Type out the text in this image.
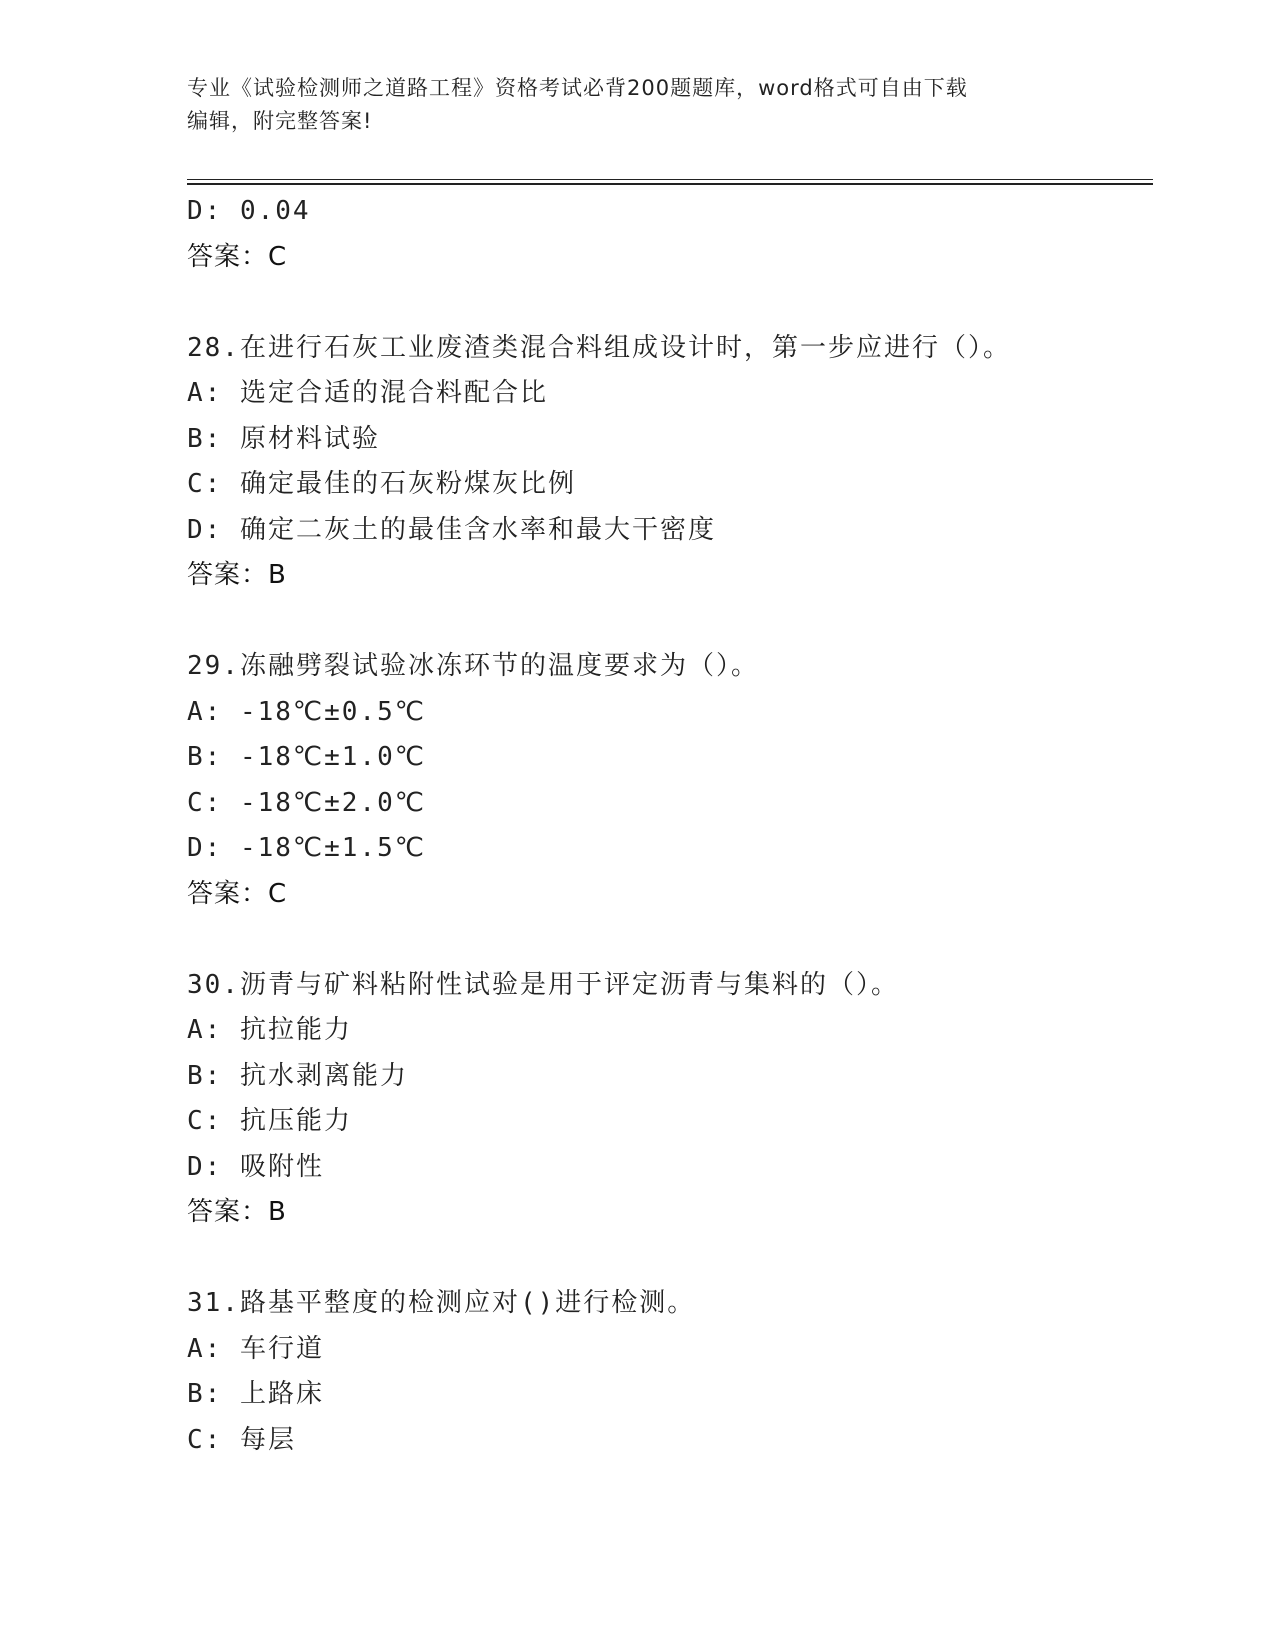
专业《试验检测师之道路工程》资格考试必背200题题库，word格式可自由下载
编辑，附完整答案!
D: 0.04
答案：C
28.在进行石灰工业废渣类混合料组成设计时，第一步应进行（）。
A: 选定合适的混合料配合比
B: 原材料试验
C: 确定最佳的石灰粉煤灰比例
D: 确定二灰土的最佳含水率和最大干密度
答案：B
29.冻融劈裂试验冰冻环节的温度要求为（）。
A: -18℃±0.5℃
B: -18℃±1.0℃
C: -18℃±2.0℃
D: -18℃±1.5℃
答案：C
30.沥青与矿料粘附性试验是用于评定沥青与集料的（）。
A: 抗拉能力
B: 抗水剥离能力
C: 抗压能力
D: 吸附性
答案：B
31.路基平整度的检测应对()进行检测。
A: 车行道
B: 上路床
C: 每层
